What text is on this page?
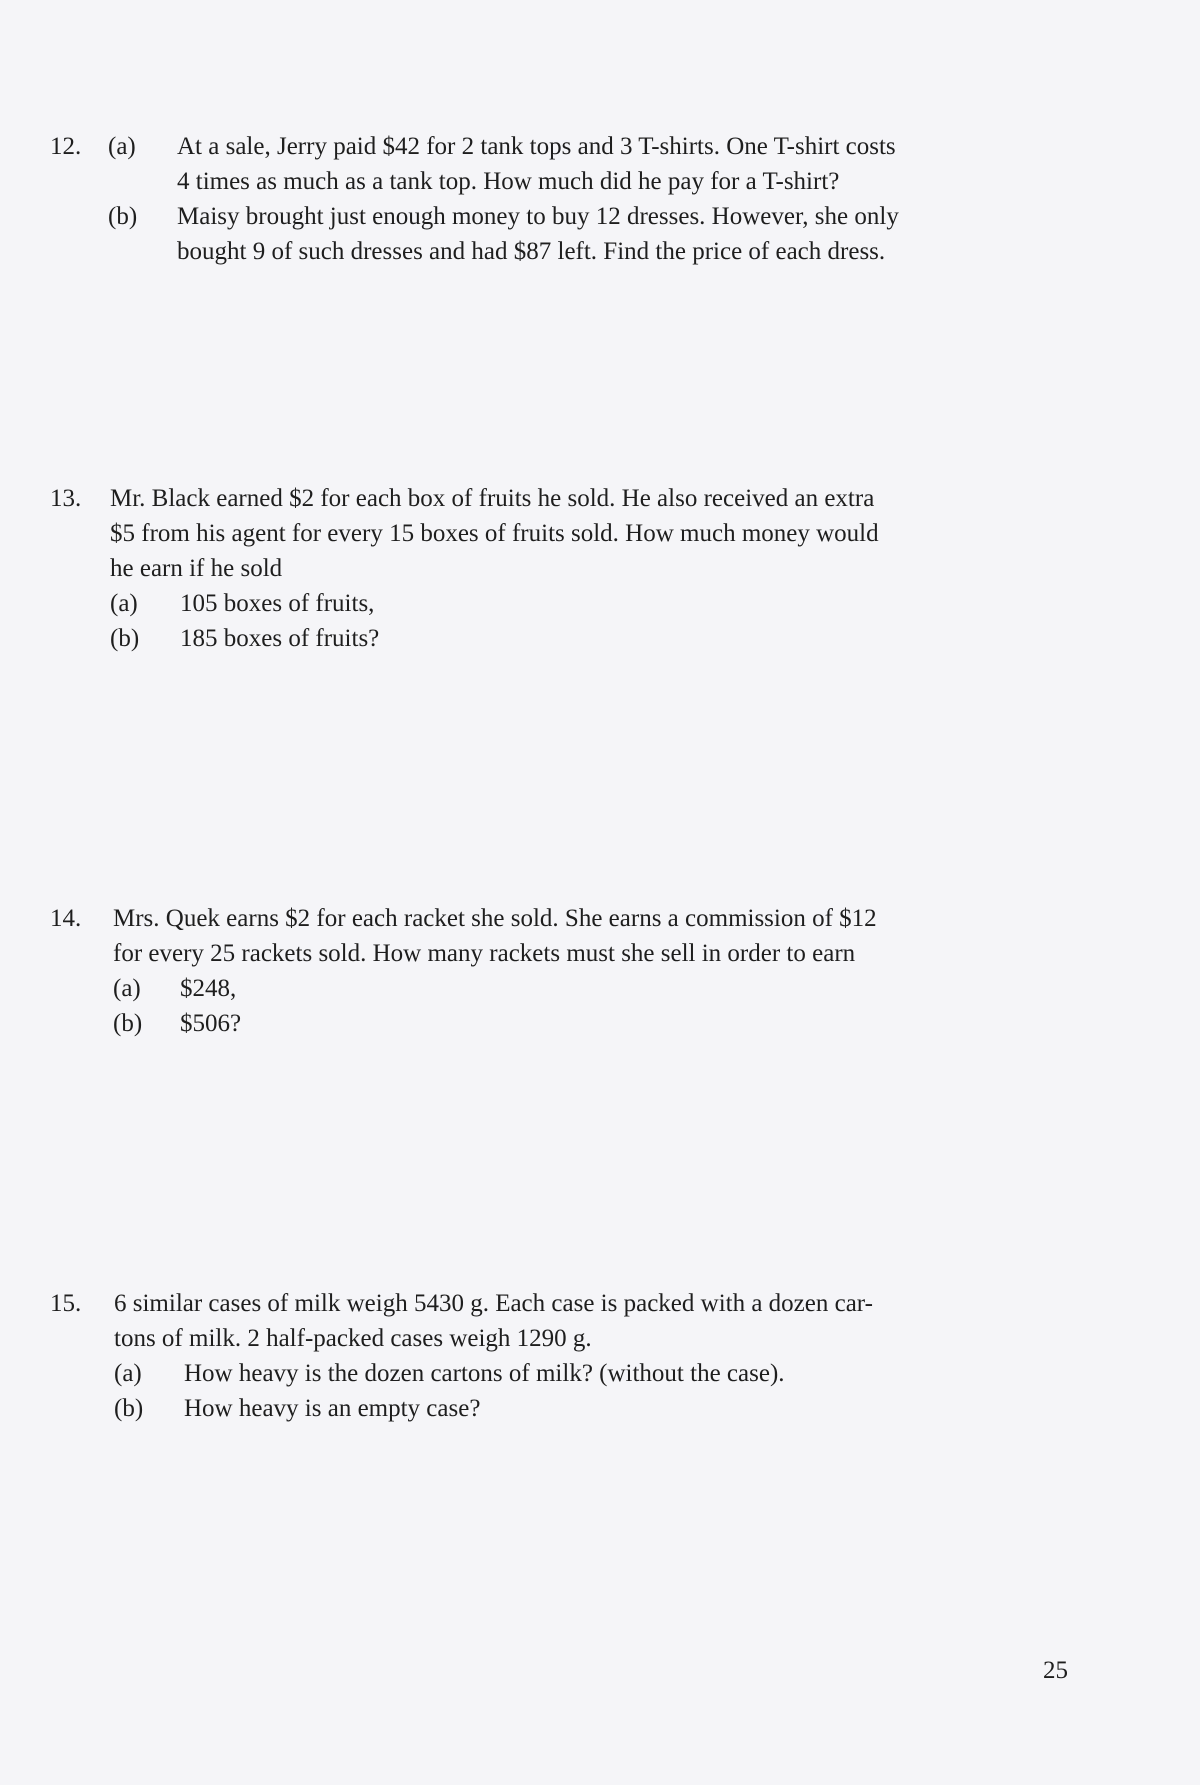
12. (a) At a sale, Jerry paid $42 for 2 tank tops and 3 T-shirts. One T-shirt costs
4 times as much as a tank top. How much did he pay for a T-shirt?
(b) Maisy brought just enough money to buy 12 dresses. However, she only
bought 9 of such dresses and had $87 left. Find the price of each dress.
13. Mr. Black earned $2 for each box of fruits he sold. He also received an extra
$5 from his agent for every 15 boxes of fruits sold. How much money would
he earn if he sold
(a) 105 boxes of fruits,
(b) 185 boxes of fruits?
14. Mrs. Quek earns $2 for each racket she sold. She earns a commission of $12
for every 25 rackets sold. How many rackets must she sell in order to earn
(a) $248,
(b) $506?
15. 6 similar cases of milk weigh 5430 g. Each case is packed with a dozen car-
tons of milk. 2 half-packed cases weigh 1290 g.
(a) How heavy is the dozen cartons of milk? (without the case).
(b) How heavy is an empty case?
25
